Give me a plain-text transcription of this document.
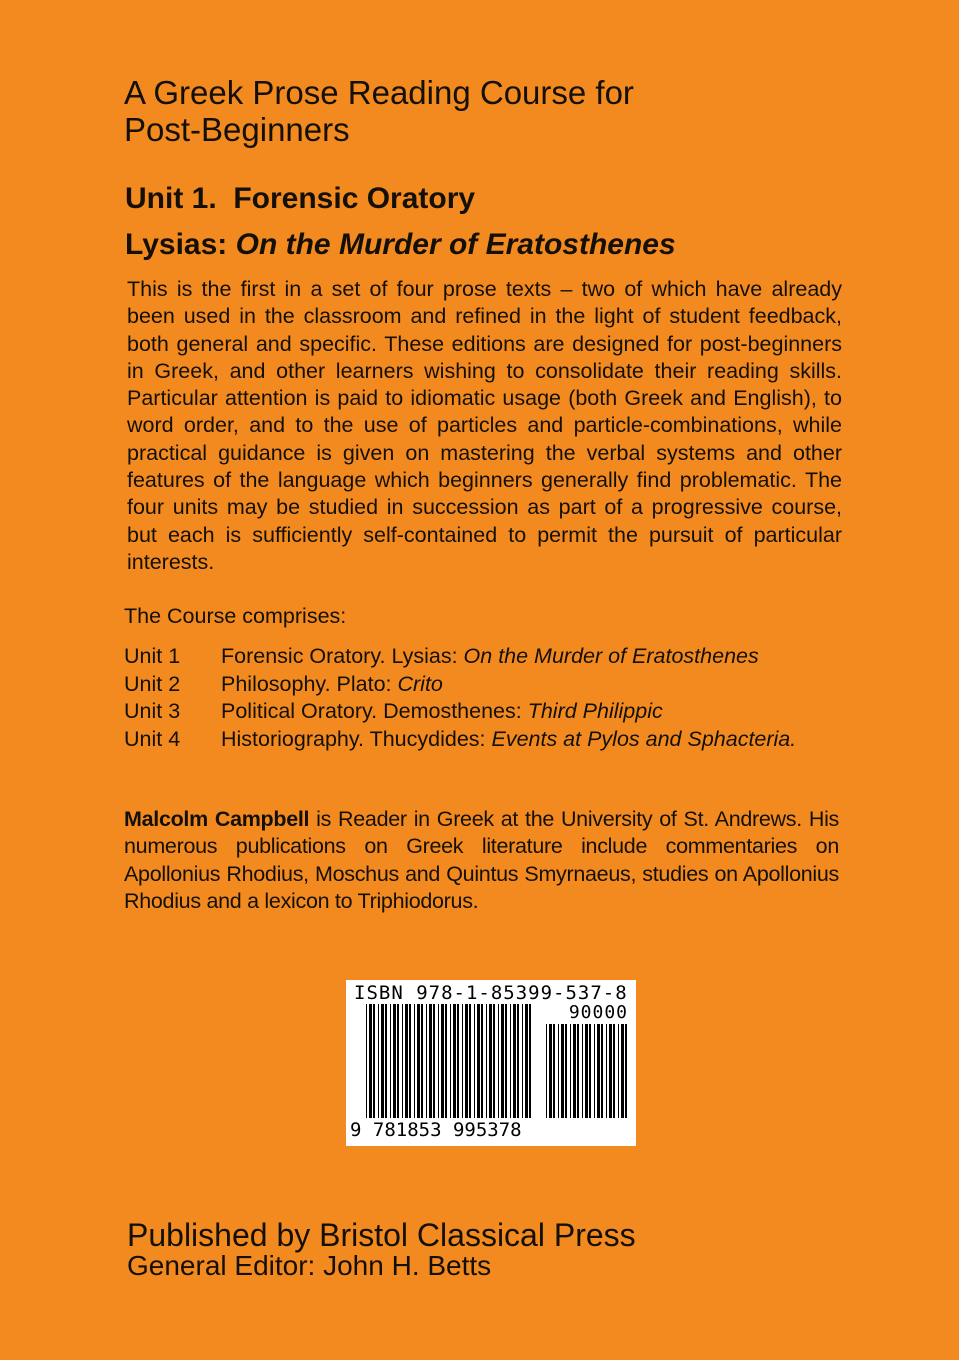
A Greek Prose Reading Course for
Post-Beginners
Unit 1.  Forensic Oratory
Lysias: On the Murder of Eratosthenes

This is the first in a set of four prose texts – two of which have already been used in the classroom and refined in the light of student feedback, both general and specific. These editions are designed for post-beginners in Greek, and other learners wishing to consolidate their reading skills. Particular attention is paid to idiomatic usage (both Greek and English), to word order, and to the use of particles and particle-combinations, while practical guidance is given on mastering the verbal systems and other features of the language which beginners generally find problematic. The four units may be studied in succession as part of a progressive course, but each is sufficiently self-contained to permit the pursuit of particular interests.

The Course comprises:

Unit 1	Forensic Oratory. Lysias: On the Murder of Eratosthenes
Unit 2	Philosophy. Plato: Crito
Unit 3	Political Oratory. Demosthenes: Third Philippic
Unit 4	Historiography. Thucydides: Events at Pylos and Sphacteria.

Malcolm Campbell is Reader in Greek at the University of St. Andrews. His numerous publications on Greek literature include commentaries on Apollonius Rhodius, Moschus and Quintus Smyrnaeus, studies on Apollonius Rhodius and a lexicon to Triphiodorus.

ISBN 978-1-85399-537-8
90000
9 781853 995378
Published by Bristol Classical Press

General Editor: John H. Betts
